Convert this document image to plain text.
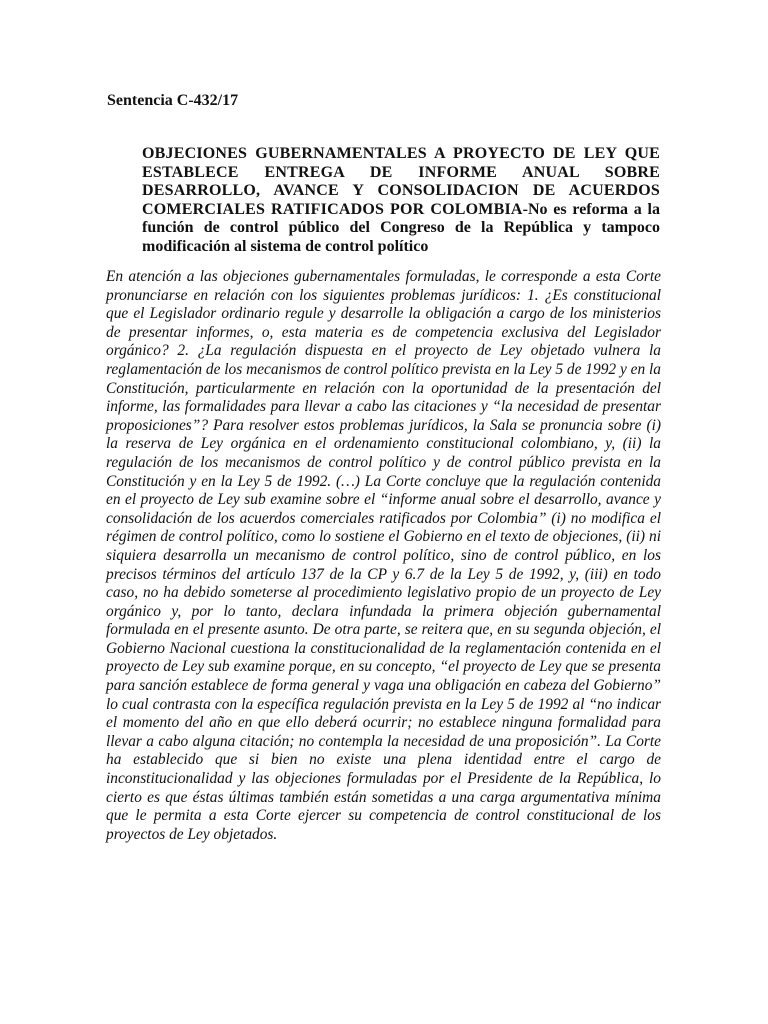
Sentencia C-432/17

OBJECIONES GUBERNAMENTALES A PROYECTO DE LEY QUE ESTABLECE ENTREGA DE INFORME ANUAL SOBRE DESARROLLO, AVANCE Y CONSOLIDACION DE ACUERDOS COMERCIALES RATIFICADOS POR COLOMBIA-No es reforma a la función de control público del Congreso de la República y tampoco modificación al sistema de control político

En atención a las objeciones gubernamentales formuladas, le corresponde a esta Corte pronunciarse en relación con los siguientes problemas jurídicos: 1. ¿Es constitucional que el Legislador ordinario regule y desarrolle la obligación a cargo de los ministerios de presentar informes, o, esta materia es de competencia exclusiva del Legislador orgánico? 2. ¿La regulación dispuesta en el proyecto de Ley objetado vulnera la reglamentación de los mecanismos de control político prevista en la Ley 5 de 1992 y en la Constitución, particularmente en relación con la oportunidad de la presentación del informe, las formalidades para llevar a cabo las citaciones y “la necesidad de presentar proposiciones”? Para resolver estos problemas jurídicos, la Sala se pronuncia sobre (i) la reserva de Ley orgánica en el ordenamiento constitucional colombiano, y, (ii) la regulación de los mecanismos de control político y de control público prevista en la Constitución y en la Ley 5 de 1992. (…) La Corte concluye que la regulación contenida en el proyecto de Ley sub examine sobre el “informe anual sobre el desarrollo, avance y consolidación de los acuerdos comerciales ratificados por Colombia” (i) no modifica el régimen de control político, como lo sostiene el Gobierno en el texto de objeciones, (ii) ni siquiera desarrolla un mecanismo de control político, sino de control público, en los precisos términos del artículo 137 de la CP y 6.7 de la Ley 5 de 1992, y, (iii) en todo caso, no ha debido someterse al procedimiento legislativo propio de un proyecto de Ley orgánico y, por lo tanto, declara infundada la primera objeción gubernamental formulada en el presente asunto. De otra parte, se reitera que, en su segunda objeción, el Gobierno Nacional cuestiona la constitucionalidad de la reglamentación contenida en el proyecto de Ley sub examine porque, en su concepto, “el proyecto de Ley que se presenta para sanción establece de forma general y vaga una obligación en cabeza del Gobierno” lo cual contrasta con la específica regulación prevista en la Ley 5 de 1992 al “no indicar el momento del año en que ello deberá ocurrir; no establece ninguna formalidad para llevar a cabo alguna citación; no contempla la necesidad de una proposición”. La Corte ha establecido que si bien no existe una plena identidad entre el cargo de inconstitucionalidad y las objeciones formuladas por el Presidente de la República, lo cierto es que éstas últimas también están sometidas a una carga argumentativa mínima que le permita a esta Corte ejercer su competencia de control constitucional de los proyectos de Ley objetados.
